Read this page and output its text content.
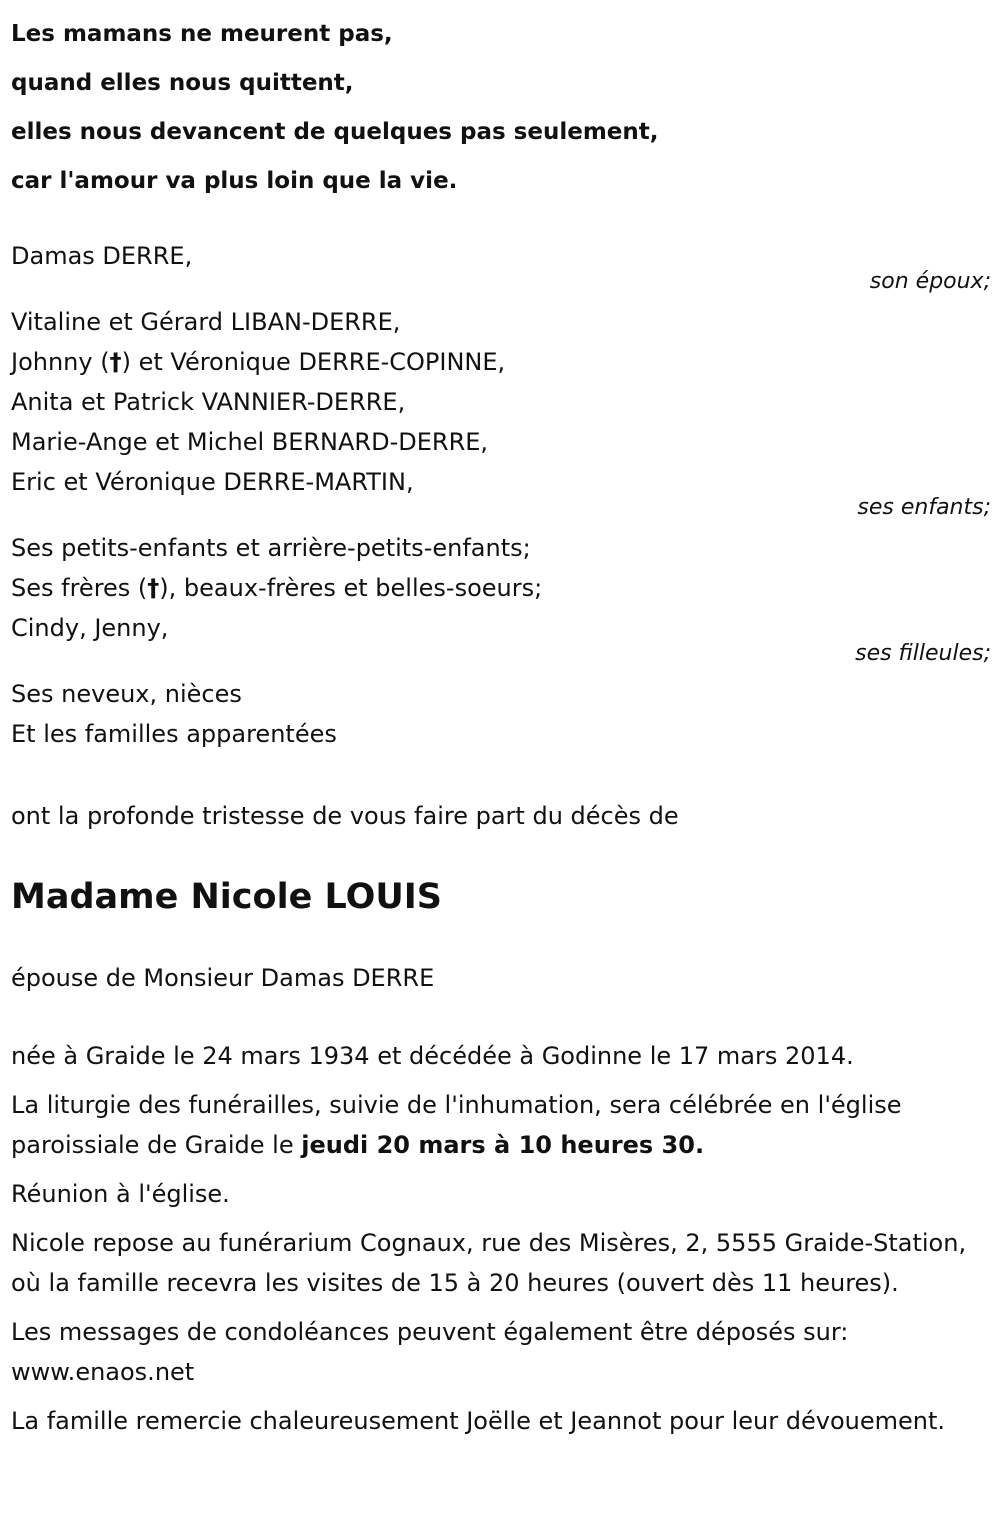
Les mamans ne meurent pas,
quand elles nous quittent,
elles nous devancent de quelques pas seulement,
car l'amour va plus loin que la vie.
Damas DERRE,
son époux;
Vitaline et Gérard LIBAN-DERRE,
Johnny (†) et Véronique DERRE-COPINNE,
Anita et Patrick VANNIER-DERRE,
Marie-Ange et Michel BERNARD-DERRE,
Eric et Véronique DERRE-MARTIN,
ses enfants;
Ses petits-enfants et arrière-petits-enfants;
Ses frères (†), beaux-frères et belles-soeurs;
Cindy, Jenny,
ses filleules;
Ses neveux, nièces
Et les familles apparentées
ont la profonde tristesse de vous faire part du décès de
Madame Nicole LOUIS
épouse de Monsieur Damas DERRE

née à Graide le 24 mars 1934 et décédée à Godinne le 17 mars 2014.

La liturgie des funérailles, suivie de l'inhumation, sera célébrée en l'église paroissiale de Graide le jeudi 20 mars à 10 heures 30.

Réunion à l'église.

Nicole repose au funérarium Cognaux, rue des Misères, 2, 5555 Graide-Station, où la famille recevra les visites de 15 à 20 heures (ouvert dès 11 heures).

Les messages de condoléances peuvent également être déposés sur: www.enaos.net

La famille remercie chaleureusement Joëlle et Jeannot pour leur dévouement.
